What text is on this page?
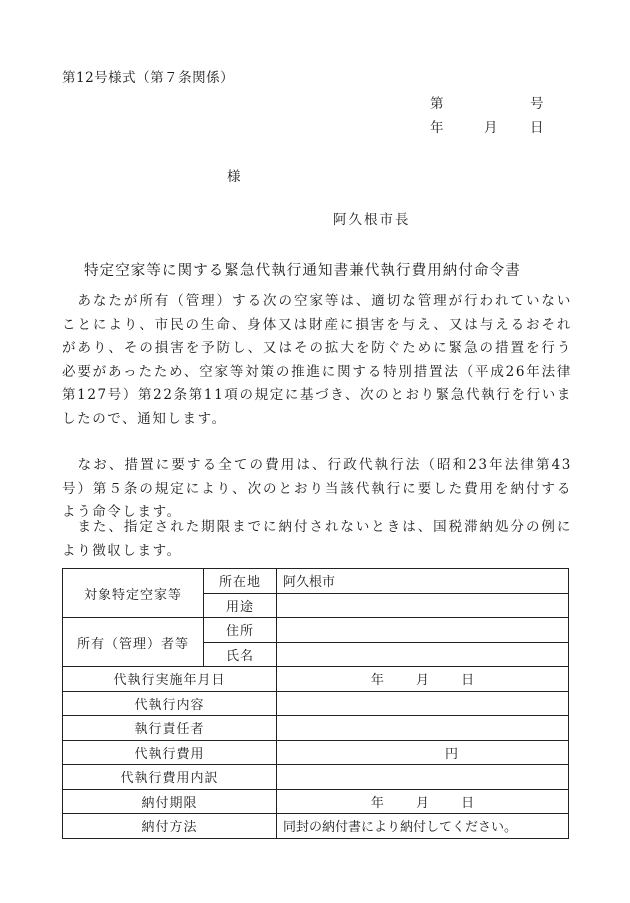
第12号様式（第７条関係）
第	号
年	月 日
様
阿久根市長
特定空家等に関する緊急代執行通知書兼代執行費用納付命令書
　あなたが所有（管理）する次の空家等は、適切な管理が行われていないことにより、市民の生命、身体又は財産に損害を与え、又は与えるおそれがあり、その損害を予防し、又はその拡大を防ぐために緊急の措置を行う必要があったため、空家等対策の推進に関する特別措置法（平成26年法律第127号）第22条第11項の規定に基づき、次のとおり緊急代執行を行いましたので、通知します。
　なお、措置に要する全ての費用は、行政代執行法（昭和23年法律第43号）第５条の規定により、次のとおり当該代執行に要した費用を納付するよう命令します。
　また、指定された期限までに納付されないときは、国税滞納処分の例により徴収します。
対象特定空家等	所在地	阿久根市
	用途	
所有（管理）者等	住所	
	氏名	
代執行実施年月日		年 月 日
代執行内容		
執行責任者		
代執行費用		円
代執行費用内訳		
納付期限		年 月 日
納付方法		同封の納付書により納付してください。
